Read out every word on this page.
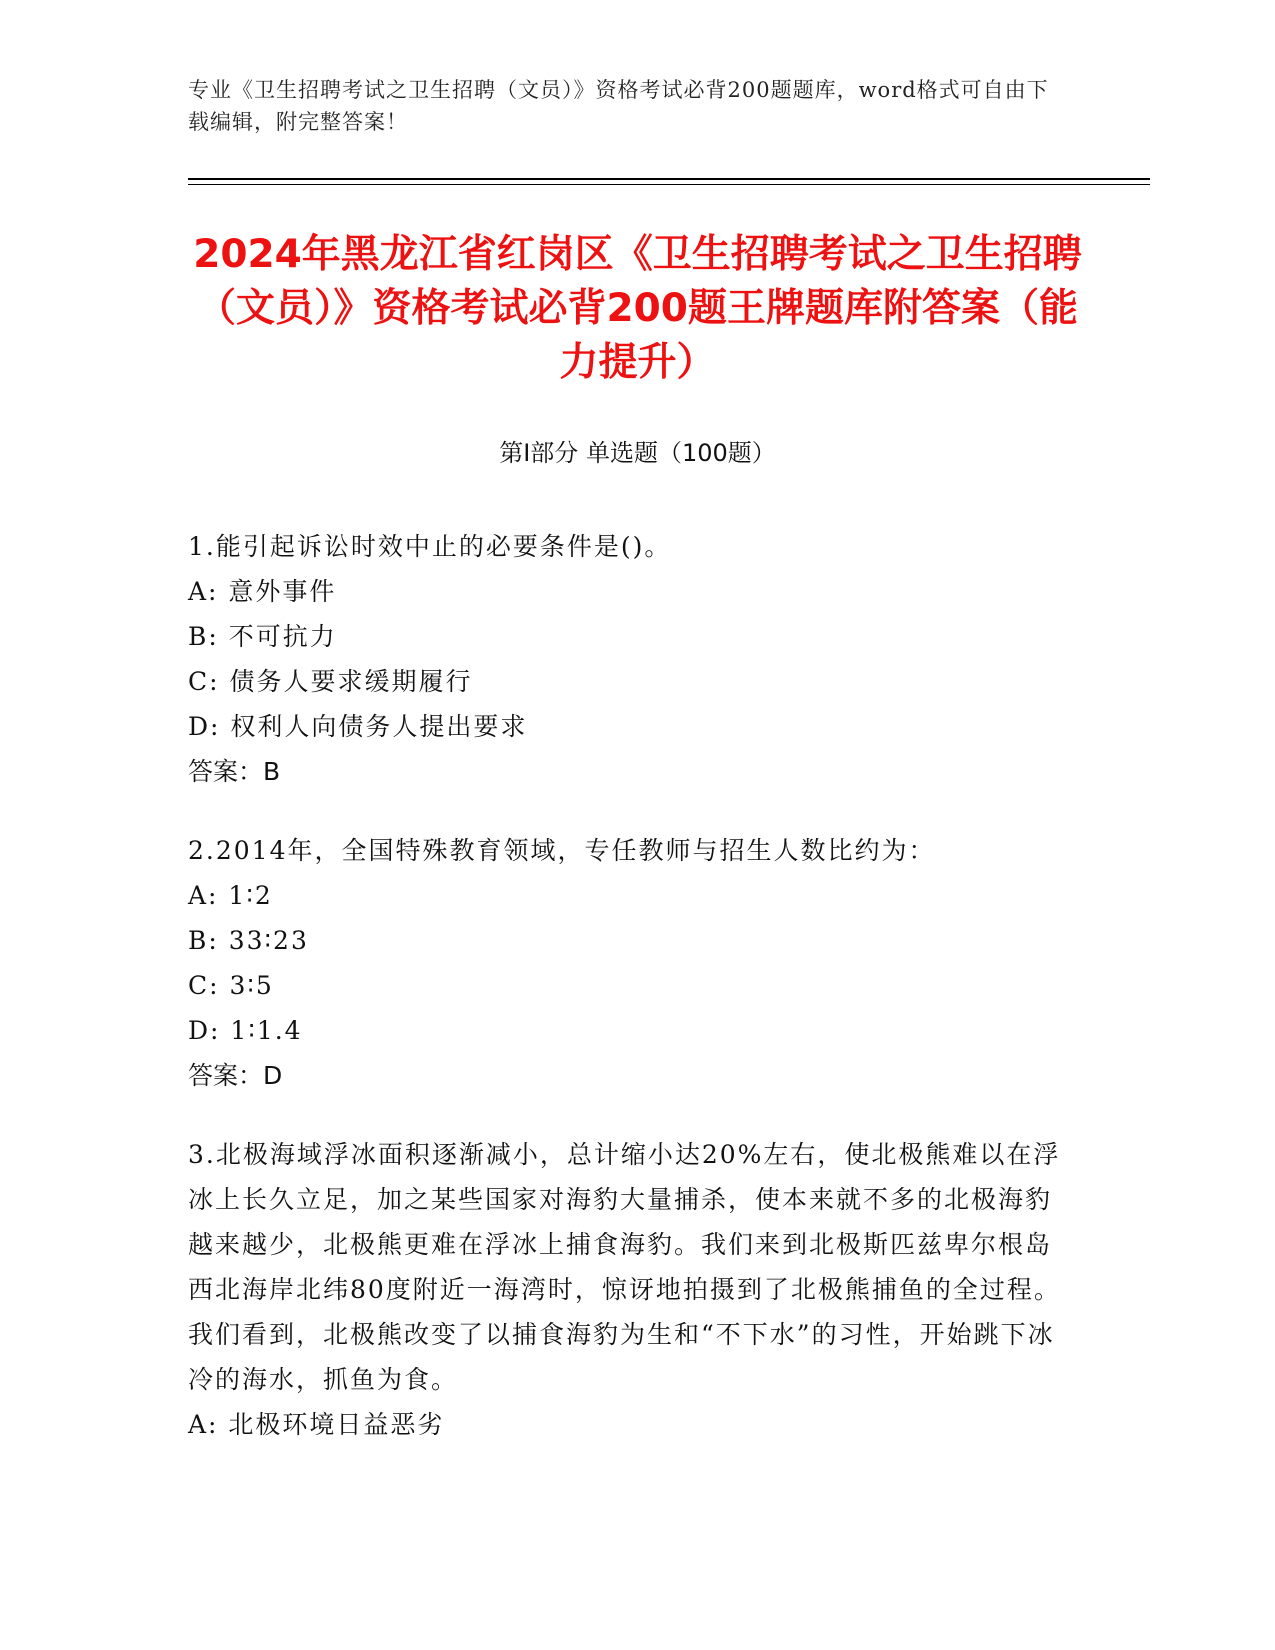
专业《卫生招聘考试之卫生招聘（文员）》资格考试必背200题题库，word格式可自由下载编辑，附完整答案！
2024年黑龙江省红岗区《卫生招聘考试之卫生招聘（文员）》资格考试必背200题王牌题库附答案（能力提升）
第Ⅰ部分 单选题（100题）

1.能引起诉讼时效中止的必要条件是()。

A: 意外事件

B: 不可抗力

C: 债务人要求缓期履行

D: 权利人向债务人提出要求

答案：B

2.2014年，全国特殊教育领域，专任教师与招生人数比约为：

A: 1∶2

B: 33∶23

C: 3∶5

D: 1∶1.4

答案：D

3.北极海域浮冰面积逐渐减小，总计缩小达20%左右，使北极熊难以在浮冰上长久立足，加之某些国家对海豹大量捕杀，使本来就不多的北极海豹越来越少，北极熊更难在浮冰上捕食海豹。我们来到北极斯匹兹卑尔根岛西北海岸北纬80度附近一海湾时，惊讶地拍摄到了北极熊捕鱼的全过程。我们看到，北极熊改变了以捕食海豹为生和“不下水”的习性，开始跳下冰冷的海水，抓鱼为食。

A: 北极环境日益恶劣
